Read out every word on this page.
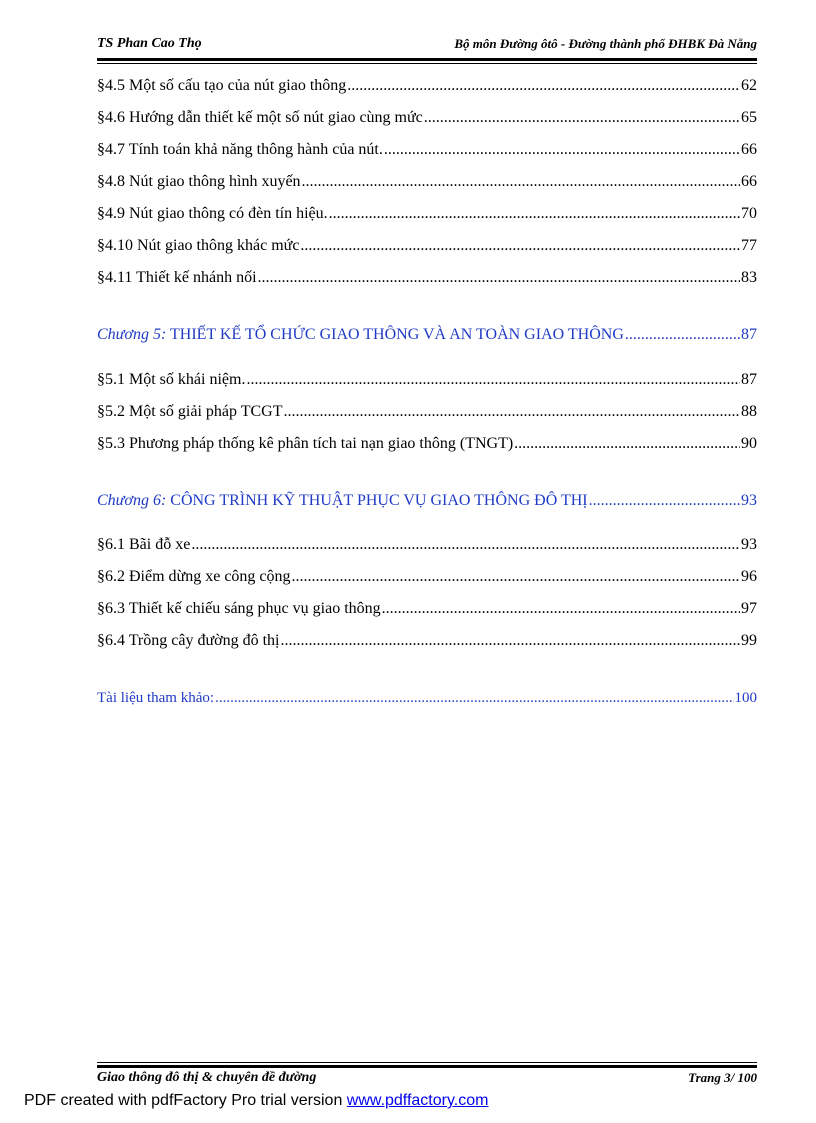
TS Phan Cao Thọ	Bộ môn Đường ôtô - Đường thành phố ĐHBK Đà Nẵng
§4.5 Một số cấu tạo của nút giao thông .....	62
§4.6 Hướng dẫn thiết kế một số nút giao cùng mức .....	65
§4.7 Tính toán khả năng thông hành của nút. .....	66
§4.8 Nút giao thông hình xuyến .....	66
§4.9 Nút giao thông có đèn tín hiệu. .....	70
§4.10 Nút giao thông khác mức .....	77
§4.11 Thiết kế nhánh nối .....	83
Chương 5: THIẾT KẾ TỔ CHỨC GIAO THÔNG VÀ AN TOÀN GIAO THÔNG .....	87
§5.1 Một số khái niệm. .....	87
§5.2 Một số giải pháp TCGT .....	88
§5.3 Phương pháp thống kê phân tích tai nạn giao thông (TNGT) .....	90
Chương 6: CÔNG TRÌNH KỸ THUẬT PHỤC VỤ GIAO THÔNG ĐÔ THỊ .....	93
§6.1 Bãi đỗ xe .....	93
§6.2 Điểm dừng xe công cộng .....	96
§6.3 Thiết kế chiếu sáng phục vụ giao thông .....	97
§6.4 Trồng cây đường đô thị .....	99
Tài liệu tham khảo: .....	100
Giao thông đô thị & chuyên đề đường	Trang 3/ 100
PDF created with pdfFactory Pro trial version www.pdffactory.com
